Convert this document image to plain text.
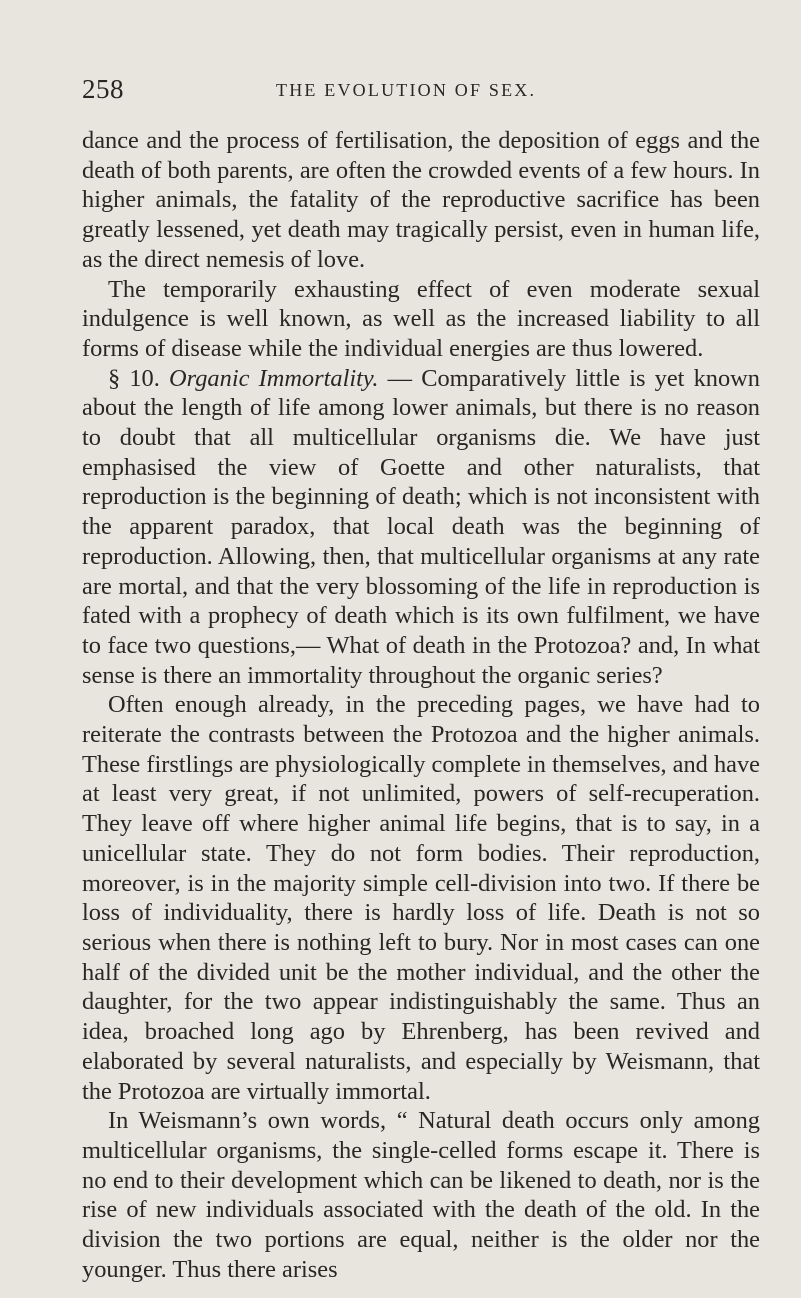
258	THE EVOLUTION OF SEX.

dance and the process of fertilisation, the deposition of eggs and the death of both parents, are often the crowded events of a few hours. In higher animals, the fatality of the reproductive sacrifice has been greatly lessened, yet death may tragically persist, even in human life, as the direct nemesis of love.

The temporarily exhausting effect of even moderate sexual indulgence is well known, as well as the increased liability to all forms of disease while the individual energies are thus lowered.

§ 10. Organic Immortality. — Comparatively little is yet known about the length of life among lower animals, but there is no reason to doubt that all multicellular organisms die. We have just emphasised the view of Goette and other naturalists, that reproduction is the beginning of death; which is not inconsistent with the apparent paradox, that local death was the beginning of reproduction. Allowing, then, that multicellular organisms at any rate are mortal, and that the very blossoming of the life in reproduction is fated with a prophecy of death which is its own fulfilment, we have to face two questions,— What of death in the Protozoa? and, In what sense is there an immortality throughout the organic series?

Often enough already, in the preceding pages, we have had to reiterate the contrasts between the Protozoa and the higher animals. These firstlings are physiologically complete in themselves, and have at least very great, if not unlimited, powers of self-recuperation. They leave off where higher animal life begins, that is to say, in a unicellular state. They do not form bodies. Their reproduction, moreover, is in the majority simple cell-division into two. If there be loss of individuality, there is hardly loss of life. Death is not so serious when there is nothing left to bury. Nor in most cases can one half of the divided unit be the mother individual, and the other the daughter, for the two appear indistinguishably the same. Thus an idea, broached long ago by Ehrenberg, has been revived and elaborated by several naturalists, and especially by Weismann, that the Protozoa are virtually immortal.

In Weismann’s own words, “ Natural death occurs only among multicellular organisms, the single-celled forms escape it. There is no end to their development which can be likened to death, nor is the rise of new individuals associated with the death of the old. In the division the two portions are equal, neither is the older nor the younger. Thus there arises
